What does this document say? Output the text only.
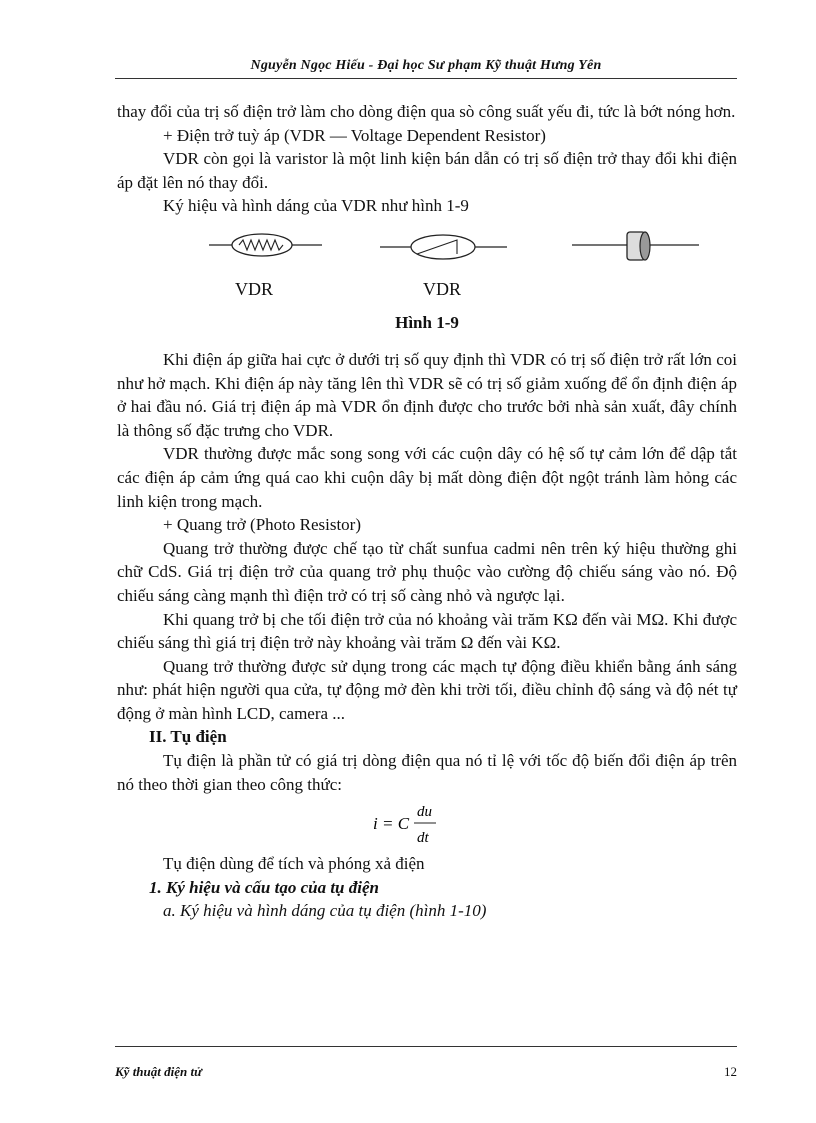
Nguyễn Ngọc Hiếu - Đại học Sư phạm Kỹ thuật Hưng Yên

thay đổi của trị số điện trở làm cho dòng điện qua sò công suất yếu đi, tức là bớt nóng hơn.

+ Điện trở tuỳ áp (VDR — Voltage Dependent Resistor)

VDR còn gọi là varistor là một linh kiện bán dẫn có trị số điện trở thay đổi khi điện áp đặt lên nó thay đổi.

Ký hiệu và hình dáng của VDR như hình 1-9

VDR	VDR
Hình 1-9

Khi điện áp giữa hai cực ở dưới trị số quy định thì VDR có trị số điện trở rất lớn coi như hở mạch. Khi điện áp này tăng lên thì VDR sẽ có trị số giảm xuống để ổn định điện áp ở hai đầu nó. Giá trị điện áp mà VDR ổn định được cho trước bởi nhà sản xuất, đây chính là thông số đặc trưng cho VDR.

VDR thường được mắc song song với các cuộn dây có hệ số tự cảm lớn để dập tắt các điện áp cảm ứng quá cao khi cuộn dây bị mất dòng điện đột ngột tránh làm hỏng các linh kiện trong mạch.

+ Quang trở (Photo Resistor)

Quang trở thường được chế tạo từ chất sunfua cadmi nên trên ký hiệu thường ghi chữ CdS. Giá trị điện trở của quang trở phụ thuộc vào cường độ chiếu sáng vào nó. Độ chiếu sáng càng mạnh thì điện trở có trị số càng nhỏ và ngược lại.

Khi quang trở bị che tối điện trở của nó khoảng vài trăm KΩ đến vài MΩ. Khi được chiếu sáng thì giá trị điện trở này khoảng vài trăm Ω đến vài KΩ.

Quang trở thường được sử dụng trong các mạch tự động điều khiển bằng ánh sáng như: phát hiện người qua cửa, tự động mở đèn khi trời tối, điều chỉnh độ sáng và độ nét tự động ở màn hình LCD, camera ...

II. Tụ điện

Tụ điện là phần tử có giá trị dòng điện qua nó tỉ lệ với tốc độ biến đổi điện áp trên nó theo thời gian theo công thức:

i = C
du
dt

Tụ điện dùng để tích và phóng xả điện

1. Ký hiệu và cấu tạo của tụ điện

a. Ký hiệu và hình dáng của tụ điện (hình 1-10)

Kỹ thuật điện tử	12
